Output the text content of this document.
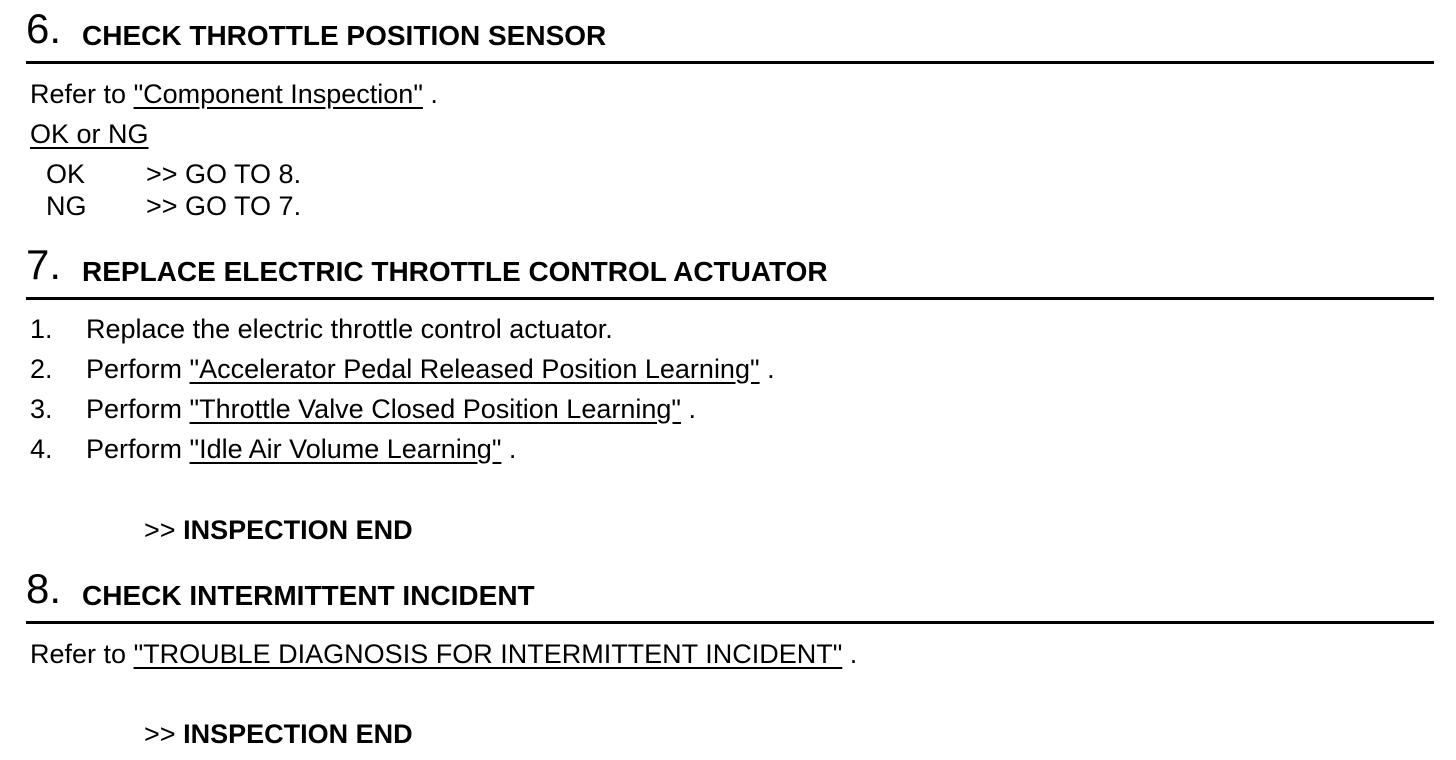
6. CHECK THROTTLE POSITION SENSOR
Refer to "Component Inspection" .
OK or NG
OK >> GO TO 8.
NG >> GO TO 7.
7. REPLACE ELECTRIC THROTTLE CONTROL ACTUATOR
1. Replace the electric throttle control actuator.
2. Perform "Accelerator Pedal Released Position Learning" .
3. Perform "Throttle Valve Closed Position Learning" .
4. Perform "Idle Air Volume Learning" .
>> INSPECTION END
8. CHECK INTERMITTENT INCIDENT
Refer to "TROUBLE DIAGNOSIS FOR INTERMITTENT INCIDENT" .
>> INSPECTION END
